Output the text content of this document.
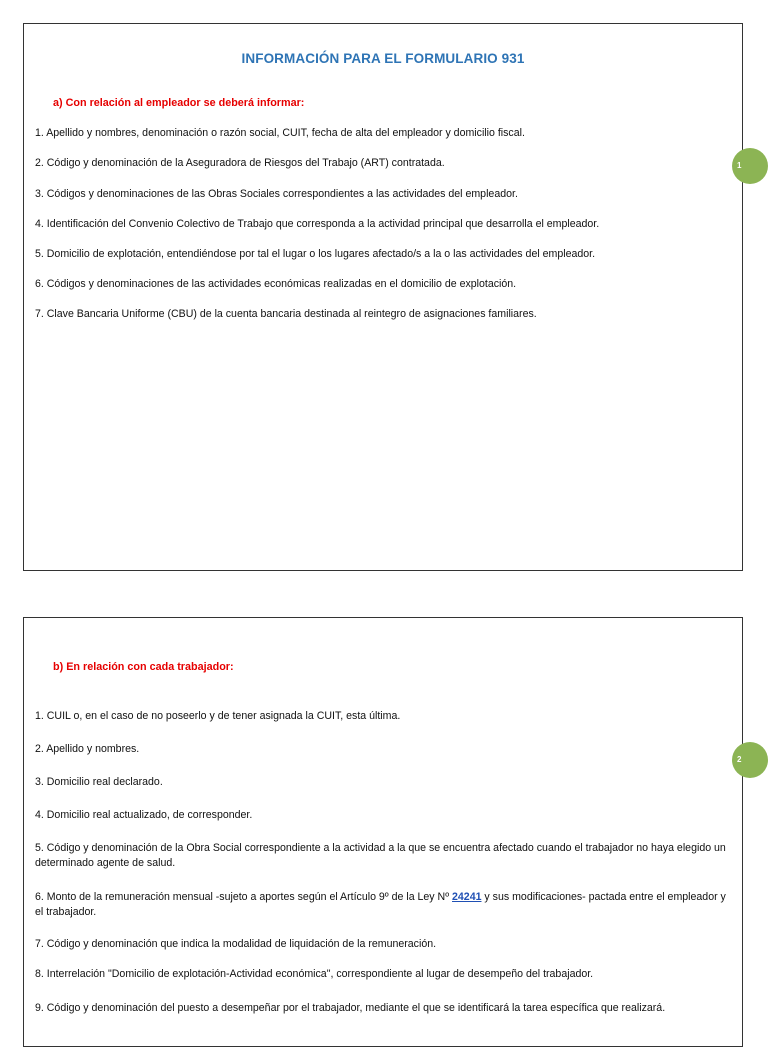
INFORMACIÓN PARA EL FORMULARIO 931
a) Con relación al empleador se deberá informar:
1. Apellido y nombres, denominación o razón social, CUIT, fecha de alta del empleador y domicilio fiscal.
2. Código y denominación de la Aseguradora de Riesgos del Trabajo (ART) contratada.
3. Códigos y denominaciones de las Obras Sociales correspondientes a las actividades del empleador.
4. Identificación del Convenio Colectivo de Trabajo que corresponda a la actividad principal que desarrolla el empleador.
5. Domicilio de explotación, entendiéndose por tal el lugar o los lugares afectado/s a la o las actividades del empleador.
6. Códigos y denominaciones de las actividades económicas realizadas en el domicilio de explotación.
7. Clave Bancaria Uniforme (CBU) de la cuenta bancaria destinada al reintegro de asignaciones familiares.
b) En relación con cada trabajador:
1. CUIL o, en el caso de no poseerlo y de tener asignada la CUIT, esta última.
2. Apellido y nombres.
3. Domicilio real declarado.
4. Domicilio real actualizado, de corresponder.
5. Código y denominación de la Obra Social correspondiente a la actividad a la que se encuentra afectado cuando el trabajador no haya elegido un determinado agente de salud.
6. Monto de la remuneración mensual -sujeto a aportes según el Artículo 9º de la Ley Nº 24241 y sus modificaciones- pactada entre el empleador y el trabajador.
7. Código y denominación que indica la modalidad de liquidación de la remuneración.
8. Interrelación "Domicilio de explotación-Actividad económica", correspondiente al lugar de desempeño del trabajador.
9. Código y denominación del puesto a desempeñar por el trabajador, mediante el que se identificará la tarea específica que realizará.
1
2
